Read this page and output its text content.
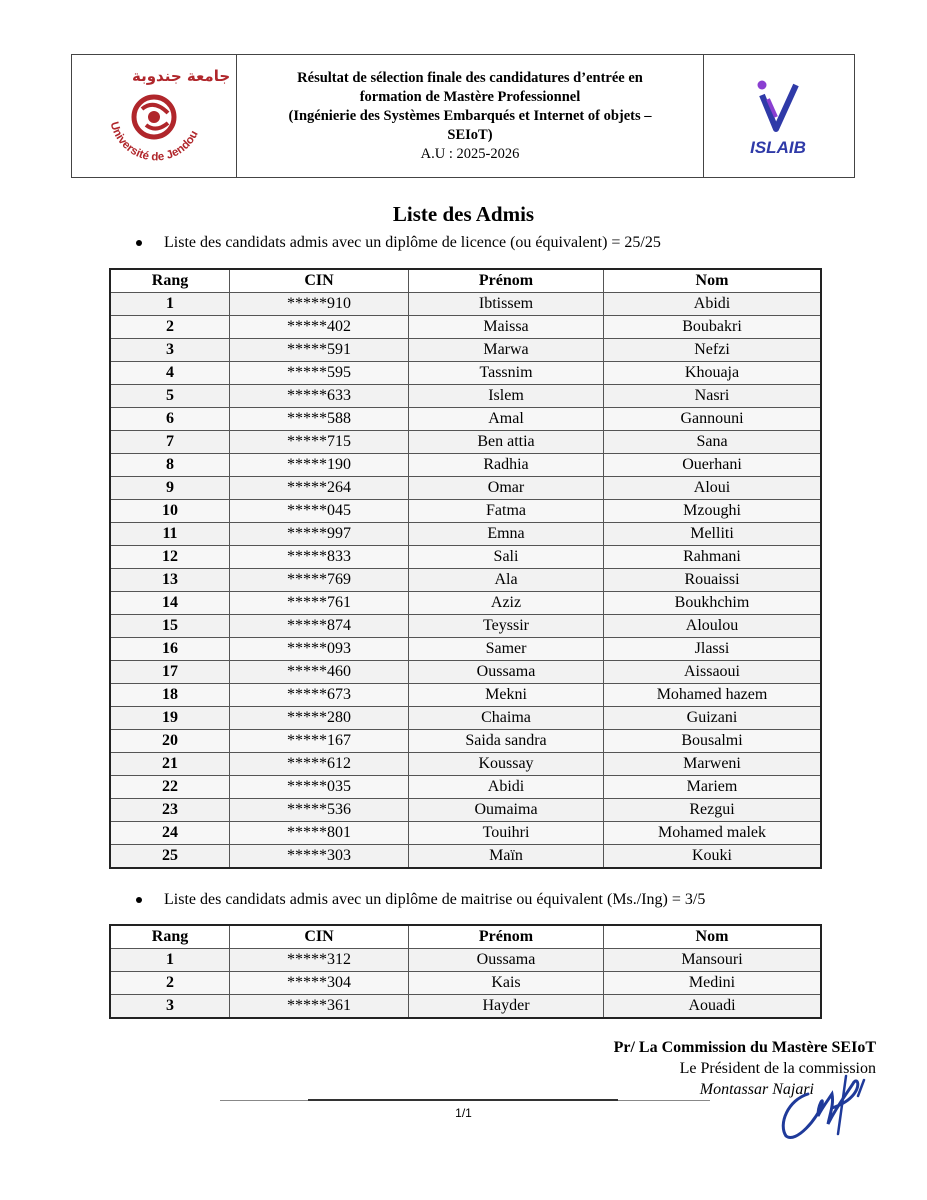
جامعة جندوبة
Université de Jendou
Résultat de sélection finale des candidatures d’entrée en
formation de Mastère Professionnel
(Ingénierie des Systèmes Embarqués et Internet of objets –
SEIoT)
A.U : 2025-2026	ISLAIB
Liste des Admis
Liste des candidats admis avec un diplôme de licence (ou équivalent) = 25/25
Rang	CIN	Prénom	Nom
1	*****910	Ibtissem	Abidi
2	*****402	Maissa	Boubakri
3	*****591	Marwa	Nefzi
4	*****595	Tassnim	Khouaja
5	*****633	Islem	Nasri
6	*****588	Amal	Gannouni
7	*****715	Ben attia	Sana
8	*****190	Radhia	Ouerhani
9	*****264	Omar	Aloui
10	*****045	Fatma	Mzoughi
11	*****997	Emna	Melliti
12	*****833	Sali	Rahmani
13	*****769	Ala	Rouaissi
14	*****761	Aziz	Boukhchim
15	*****874	Teyssir	Aloulou
16	*****093	Samer	Jlassi
17	*****460	Oussama	Aissaoui
18	*****673	Mekni	Mohamed hazem
19	*****280	Chaima	Guizani
20	*****167	Saida sandra	Bousalmi
21	*****612	Koussay	Marweni
22	*****035	Abidi	Mariem
23	*****536	Oumaima	Rezgui
24	*****801	Touihri	Mohamed malek
25	*****303	Maïn	Kouki
Liste des candidats admis avec un diplôme de maitrise ou équivalent (Ms./Ing) = 3/5
Rang	CIN	Prénom	Nom
1	*****312	Oussama	Mansouri
2	*****304	Kais	Medini
3	*****361	Hayder	Aouadi
Pr/ La Commission du Mastère SEIoT
Le Président de la commission
Montassar Najari
1/1
